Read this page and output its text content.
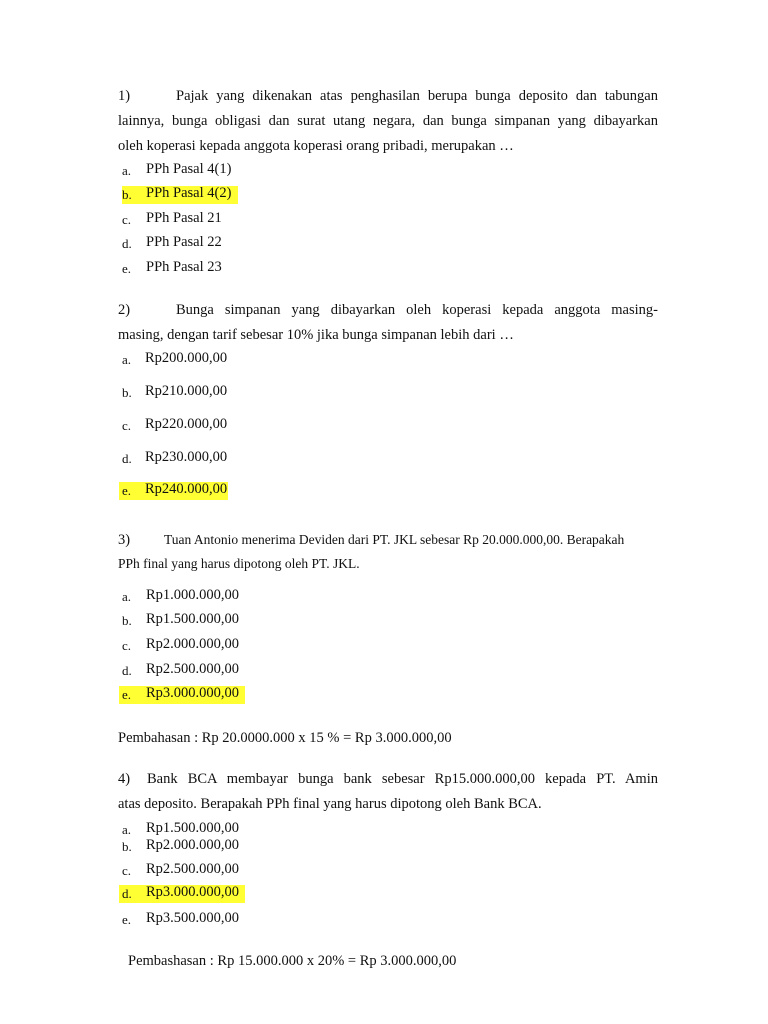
1)	Pajak yang dikenakan atas penghasilan berupa bunga deposito dan tabungan
lainnya, bunga obligasi dan surat utang negara, dan bunga simpanan yang dibayarkan
oleh koperasi kepada anggota koperasi orang pribadi, merupakan …
a. PPh Pasal 4(1)
b. PPh Pasal 4(2)
c. PPh Pasal 21
d. PPh Pasal 22
e. PPh Pasal 23
2)	Bunga simpanan yang dibayarkan oleh koperasi kepada anggota masing-
masing, dengan tarif sebesar 10% jika bunga simpanan lebih dari …
a. Rp200.000,00
b. Rp210.000,00
c. Rp220.000,00
d. Rp230.000,00
e. Rp240.000,00
3)	Tuan Antonio menerima Deviden dari PT. JKL sebesar Rp 20.000.000,00. Berapakah
PPh final yang harus dipotong oleh PT. JKL.
a. Rp1.000.000,00
b. Rp1.500.000,00
c. Rp2.000.000,00
d. Rp2.500.000,00
e. Rp3.000.000,00
Pembahasan : Rp 20.0000.000 x 15 % = Rp 3.000.000,00
4) Bank BCA membayar bunga bank sebesar Rp15.000.000,00 kepada PT. Amin
atas deposito. Berapakah PPh final yang harus dipotong oleh Bank BCA.
a. Rp1.500.000,00
b. Rp2.000.000,00
c. Rp2.500.000,00
d. Rp3.000.000,00
e. Rp3.500.000,00
Pembashasan : Rp 15.000.000 x 20% = Rp 3.000.000,00
